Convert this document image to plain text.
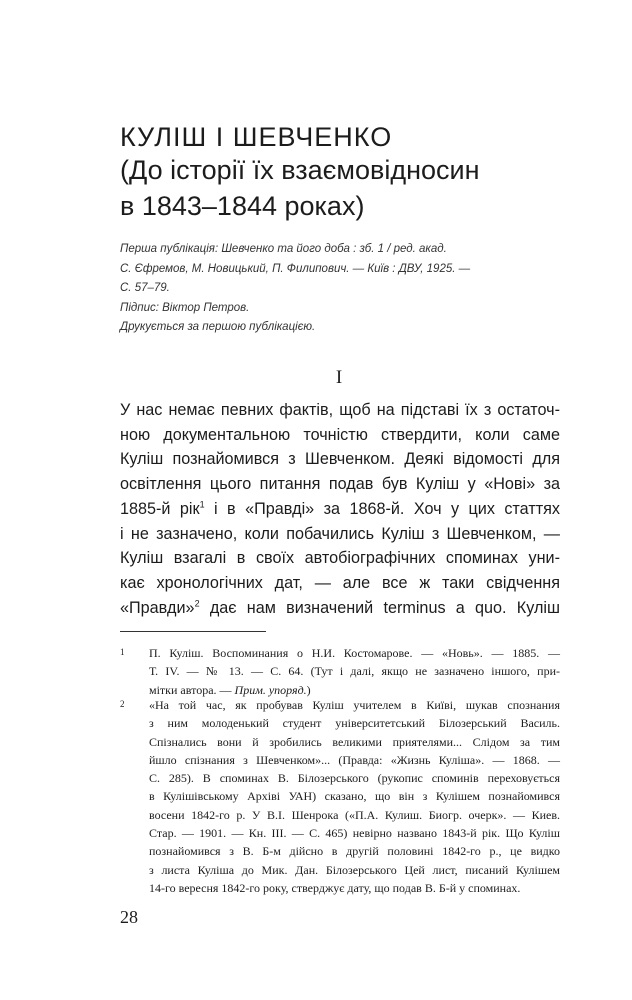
КУЛІШ І ШЕВЧЕНКО
(До історії їх взаємовідносин
в 1843–1844 роках)
Перша публікація: Шевченко та його доба : зб. 1 / ред. акад.
С. Єфремов, М. Новицький, П. Филипович. — Київ : ДВУ, 1925. —
С. 57–79.
Підпис: Віктор Петров.
Друкується за першою публікацією.
I
У нас немає певних фактів, щоб на підставі їх з остаточ-
ною документальною точністю ствердити, коли саме
Куліш познайомився з Шевченком. Деякі відомості для
освітлення цього питання подав був Куліш у «Нові» за
1885-й рік$^1$ і в «Правді» за 1868-й. Хоч у цих статтях
і не зазначено, коли побачились Куліш з Шевченком, —
Куліш взагалі в своїх автобіографічних споминах уни-
кає хронологічних дат, — але все ж таки свідчення
«Правди»$^2$ дає нам визначений terminus a quo. Куліш
1 П. Куліш. Воспоминания о Н.И. Костомарове. — «Новь». — 1885. —
Т. IV. — № 13. — С. 64. (Тут і далі, якщо не зазначено іншого, при-
мітки автора. — Прим. упоряд.)
2 «На той час, як пробував Куліш учителем в Київі, шукав спознания
з ним молоденький студент університетський Білозерський Василь.
Спізнались вони й зробились великими приятелями... Слідом за тим
йшло спізнания з Шевченком»... (Правда: «Жизнь Куліша». — 1868. —
С. 285). В споминах В. Білозерського (рукопис споминів переховується
в Кулішівському Архіві УАН) сказано, що він з Кулішем познайомився
восени 1842-го р. У В.І. Шенрока («П.А. Кулиш. Биогр. очерк». — Киев.
Стар. — 1901. — Кн. III. — С. 465) невірно названо 1843-й рік. Що Куліш
познайомився з В. Б-м дійсно в другій половині 1842-го р., це видко
з листа Куліша до Мик. Дан. Білозерського Цей лист, писаний Кулішем
14-го вересня 1842-го року, стверджує дату, що подав В. Б-й у споминах.
28
